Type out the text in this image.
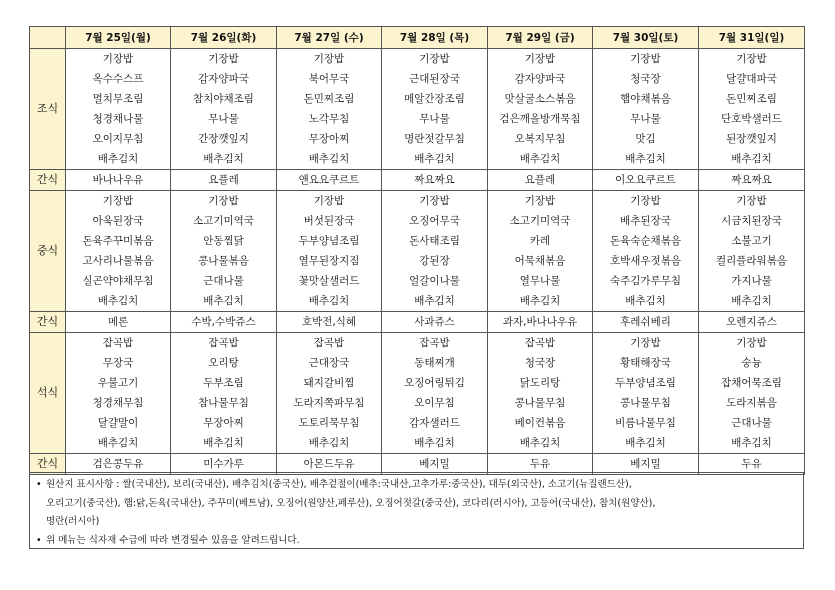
	7월 25일(월)	7월 26일(화)	7월 27일 (수)	7월 28일 (목)	7월 29일 (금)	7월 30일(토)	7월 31일(일)
조식	기장밥	기장밥	기장밥	기장밥	기장밥	기장밥	기장밥
	옥수수스프	감자양파국	북어무국	근대된장국	감자양파국	청국장	달걀대파국
	멸치무조림	참치야채조림	돈민찌조림	메알간장조림	맛살굴소스볶음	햄야채볶음	돈민찌조림
	청경채나물	무나물	노각무침	무나물	검은깨올방개묵침	무나물	단호박샐러드
	오이지무침	간장깻잎지	무장아찌	명란젓갈무침	오복지무침	맛김	된장깻잎지
	배추김치	배추김치	배추김치	배추김치	배추김치	배추김치	배추김치
간식	바나나우유	요플레	앤요요쿠르트	짜요짜요	요플레	이오요쿠르트	짜요짜요
중식	기장밥	기장밥	기장밥	기장밥	기장밥	기장밥	기장밥
	아욱된장국	소고기미역국	버섯된장국	오징어무국	소고기미역국	배추된장국	시금치된장국
	돈육주꾸미볶음	안동찜닭	두부양념조림	돈사태조림	카레	돈육숙순채볶음	소불고기
	고사리나물볶음	콩나물볶음	열무된장지짐	강된장	어묵채볶음	호박새우젓볶음	컬리플라워볶음
	실곤약야채무침	근대나물	꽃맛살샐러드	얼갈이나물	열무나물	숙주김가루무침	가지나물
	배추김치	배추김치	배추김치	배추김치	배추김치	배추김치	배추김치
간식	메론	수박,수박쥬스	호박전,식혜	사과쥬스	과자,바나나우유	후레쉬베리	오렌지쥬스
석식	잡곡밥	잡곡밥	잡곡밥	잡곡밥	잡곡밥	기장밥	기장밥
	무장국	오리탕	근대장국	동태찌개	청국장	황태해장국	숭늉
	우불고기	두부조림	돼지갈비찜	오징어링튀김	닭도리탕	두부양념조림	잡채어묵조림
	청경채무침	참나물무침	도라지쪽파무침	오이무침	콩나물무침	콩나물무침	도라지볶음
	달걀말이	무장아찌	도토리묵무침	감자샐러드	베이컨볶음	비름나물무침	근대나물
	배추김치	배추김치	배추김치	배추김치	배추김치	배추김치	배추김치
간식	검은콩두유	미수가루	아몬드두유	베지밀	두유	베지밀	두유
• 원산지 표시사항 : 쌀(국내산), 보리(국내산), 배추김치(중국산), 배추겉절이(배추:국내산,고추가루:중국산), 대두(외국산), 소고기(뉴질랜드산),
오리고기(중국산), 햄:닭,돈육(국내산), 주꾸미(베트남), 오징어(원양산,페루산), 오징어젓갈(중국산), 코다리(러시아), 고등어(국내산), 참치(원양산),
명란(러시아)
• 위 메뉴는 식자재 수급에 따라 변경될수 있음을 알려드립니다.
